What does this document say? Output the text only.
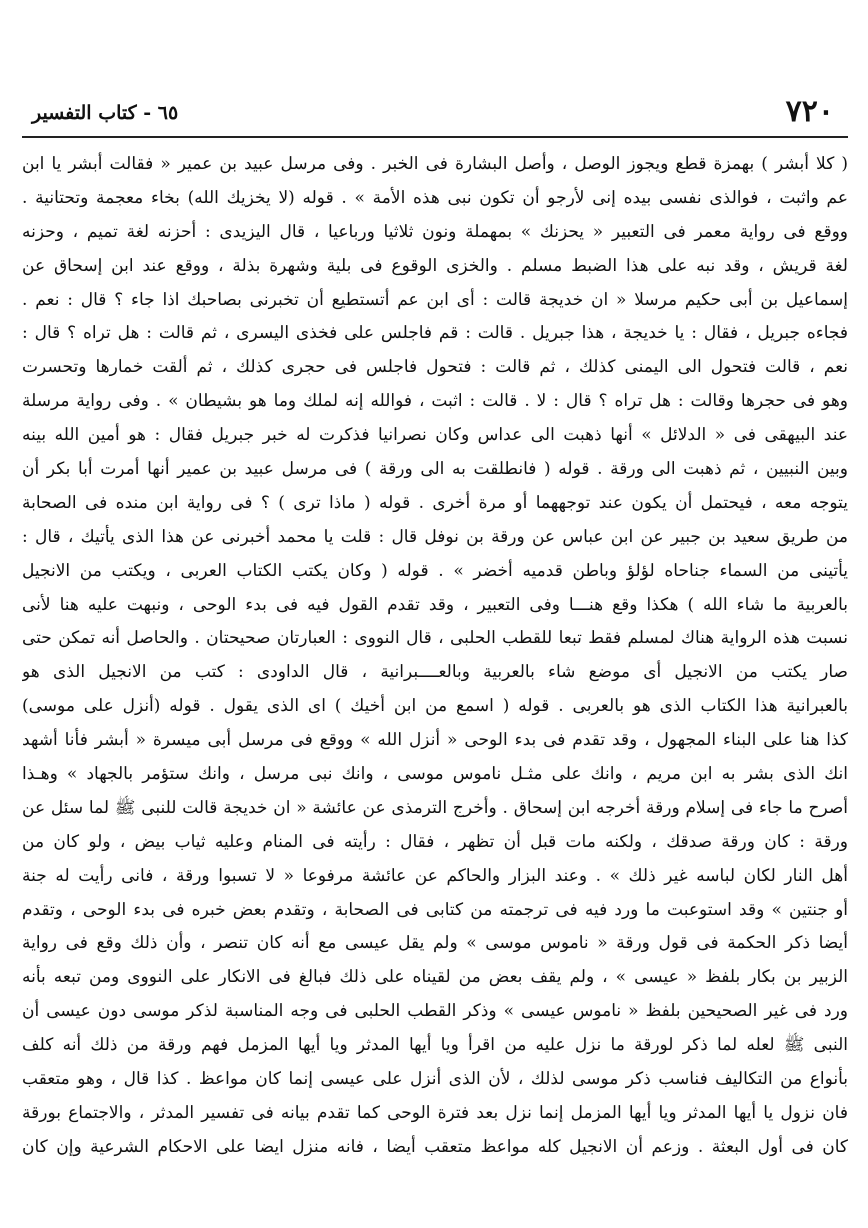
٧٢٠
٦٥ - كتاب التفسير
( كلا أبشر ) بهمزة قطع ويجوز الوصل ، وأصل البشارة فى الخبر . وفى مرسل عبيد بن عمير « فقالت أبشر يا ابن
عم واثبت ، فوالذى نفسى بيده إنى لأرجو أن تكون نبى هذه الأمة » . قوله (لا يخزيك الله) بخاء معجمة وتحتانية .
ووقع فى رواية معمر فى التعبير « يحزنك » بمهملة ونون ثلاثيا ورباعيا ، قال اليزيدى : أحزنه لغة تميم ، وحزنه
لغة قريش ، وقد نبه على هذا الضبط مسلم . والخزى الوقوع فى بلية وشهرة بذلة ، ووقع عند ابن إسحاق عن
إسماعيل بن أبى حكيم مرسلا « ان خديجة قالت : أى ابن عم أتستطيع أن تخبرنى بصاحبك اذا جاء ؟ قال : نعم .
فجاءه جبريل ، فقال : يا خديجة ، هذا جبريل . قالت : قم فاجلس على فخذى اليسرى ، ثم قالت : هل تراه ؟ قال :
نعم ، قالت فتحول الى اليمنى كذلك ، ثم قالت : فتحول فاجلس فى حجرى كذلك ، ثم ألقت خمارها وتحسرت
وهو فى حجرها وقالت : هل تراه ؟ قال : لا . قالت : اثبت ، فوالله إنه لملك وما هو بشيطان » . وفى رواية مرسلة
عند البيهقى فى « الدلائل » أنها ذهبت الى عداس وكان نصرانيا فذكرت له خبر جبريل فقال : هو أمين الله بينه
وبين النبيين ، ثم ذهبت الى ورقة . قوله ( فانطلقت به الى ورقة ) فى مرسل عبيد بن عمير أنها أمرت أبا بكر أن
يتوجه معه ، فيحتمل أن يكون عند توجههما أو مرة أخرى . قوله ( ماذا ترى ) ؟ فى رواية ابن منده فى الصحابة
من طريق سعيد بن جبير عن ابن عباس عن ورقة بن نوفل قال : قلت يا محمد أخبرنى عن هذا الذى يأتيك ، قال :
يأتينى من السماء جناحاه لؤلؤ وباطن قدميه أخضر » . قوله ( وكان يكتب الكتاب العربى ، ويكتب من الانجيل
بالعربية ما شاء الله ) هكذا وقع هنـــا وفى التعبير ، وقد تقدم القول فيه فى بدء الوحى ، ونبهت عليه هنا لأنى
نسبت هذه الرواية هناك لمسلم فقط تبعا للقطب الحلبى ، قال النووى : العبارتان صحيحتان . والحاصل أنه تمكن حتى
صار يكتب من الانجيل أى موضع شاء بالعربية وبالعــــبرانية ، قال الداودى : كتب من الانجيل الذى هو
بالعبرانية هذا الكتاب الذى هو بالعربى . قوله ( اسمع من ابن أخيك ) اى الذى يقول . قوله (أنزل على موسى)
كذا هنا على البناء المجهول ، وقد تقدم فى بدء الوحى « أنزل الله » ووقع فى مرسل أبى ميسرة « أبشر فأنا أشهد
انك الذى بشر به ابن مريم ، وانك على مثـل ناموس موسى ، وانك نبى مرسل ، وانك ستؤمر بالجهاد » وهـذا
أصرح ما جاء فى إسلام ورقة أخرجه ابن إسحاق . وأخرج الترمذى عن عائشة « ان خديجة قالت للنبى ﷺ لما سئل عن
ورقة : كان ورقة صدقك ، ولكنه مات قبل أن تظهر ، فقال : رأيته فى المنام وعليه ثياب بيض ، ولو كان من
أهل النار لكان لباسه غير ذلك » . وعند البزار والحاكم عن عائشة مرفوعا « لا تسبوا ورقة ، فانى رأيت له جنة
أو جنتين » وقد استوعبت ما ورد فيه فى ترجمته من كتابى فى الصحابة ، وتقدم بعض خبره فى بدء الوحى ، وتقدم
أيضا ذكر الحكمة فى قول ورقة « ناموس موسى » ولم يقل عيسى مع أنه كان تنصر ، وأن ذلك وقع فى رواية
الزبير بن بكار بلفظ « عيسى » ، ولم يقف بعض من لقيناه على ذلك فبالغ فى الانكار على النووى ومن تبعه بأنه
ورد فى غير الصحيحين بلفظ « ناموس عيسى » وذكر القطب الحلبى فى وجه المناسبة لذكر موسى دون عيسى أن
النبى ﷺ لعله لما ذكر لورقة ما نزل عليه من اقرأ ويا أيها المدثر ويا أيها المزمل فهم ورقة من ذلك أنه كلف
بأنواع من التكاليف فناسب ذكر موسى لذلك ، لأن الذى أنزل على عيسى إنما كان مواعظ . كذا قال ، وهو متعقب
فان نزول يا أيها المدثر ويا أيها المزمل إنما نزل بعد فترة الوحى كما تقدم بيانه فى تفسير المدثر ، والاجتماع بورقة
كان فى أول البعثة . وزعم أن الانجيل كله مواعظ متعقب أيضا ، فانه منزل ايضا على الاحكام الشرعية وإن كان
